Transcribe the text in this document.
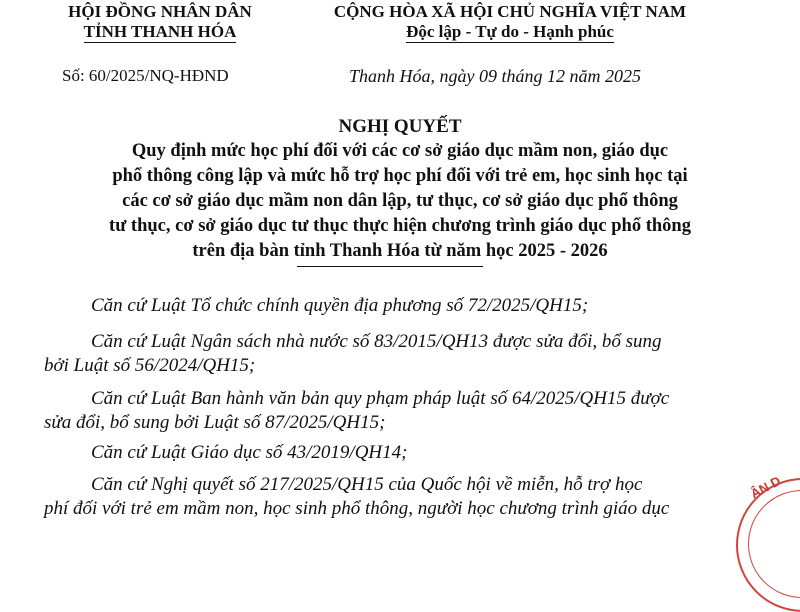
HỘI ĐỒNG NHÂN DÂN
TỈNH THANH HÓA
CỘNG HÒA XÃ HỘI CHỦ NGHĨA VIỆT NAM
Độc lập - Tự do - Hạnh phúc
Số: 60/2025/NQ-HĐND	Thanh Hóa, ngày 09 tháng 12 năm 2025
NGHỊ QUYẾT
Quy định mức học phí đối với các cơ sở giáo dục mầm non, giáo dục
phổ thông công lập và mức hỗ trợ học phí đối với trẻ em, học sinh học tại
các cơ sở giáo dục mầm non dân lập, tư thục, cơ sở giáo dục phổ thông
tư thục, cơ sở giáo dục tư thục thực hiện chương trình giáo dục phổ thông
trên địa bàn tỉnh Thanh Hóa từ năm học 2025 - 2026
Căn cứ Luật Tổ chức chính quyền địa phương số 72/2025/QH15;
Căn cứ Luật Ngân sách nhà nước số 83/2015/QH13 được sửa đổi, bổ sung
bởi Luật số 56/2024/QH15;
Căn cứ Luật Ban hành văn bản quy phạm pháp luật số 64/2025/QH15 được
sửa đổi, bổ sung bởi Luật số 87/2025/QH15;
Căn cứ Luật Giáo dục số 43/2019/QH14;
Căn cứ Nghị quyết số 217/2025/QH15 của Quốc hội về miễn, hỗ trợ học
phí đối với trẻ em mầm non, học sinh phổ thông, người học chương trình giáo dục
ÂN D
